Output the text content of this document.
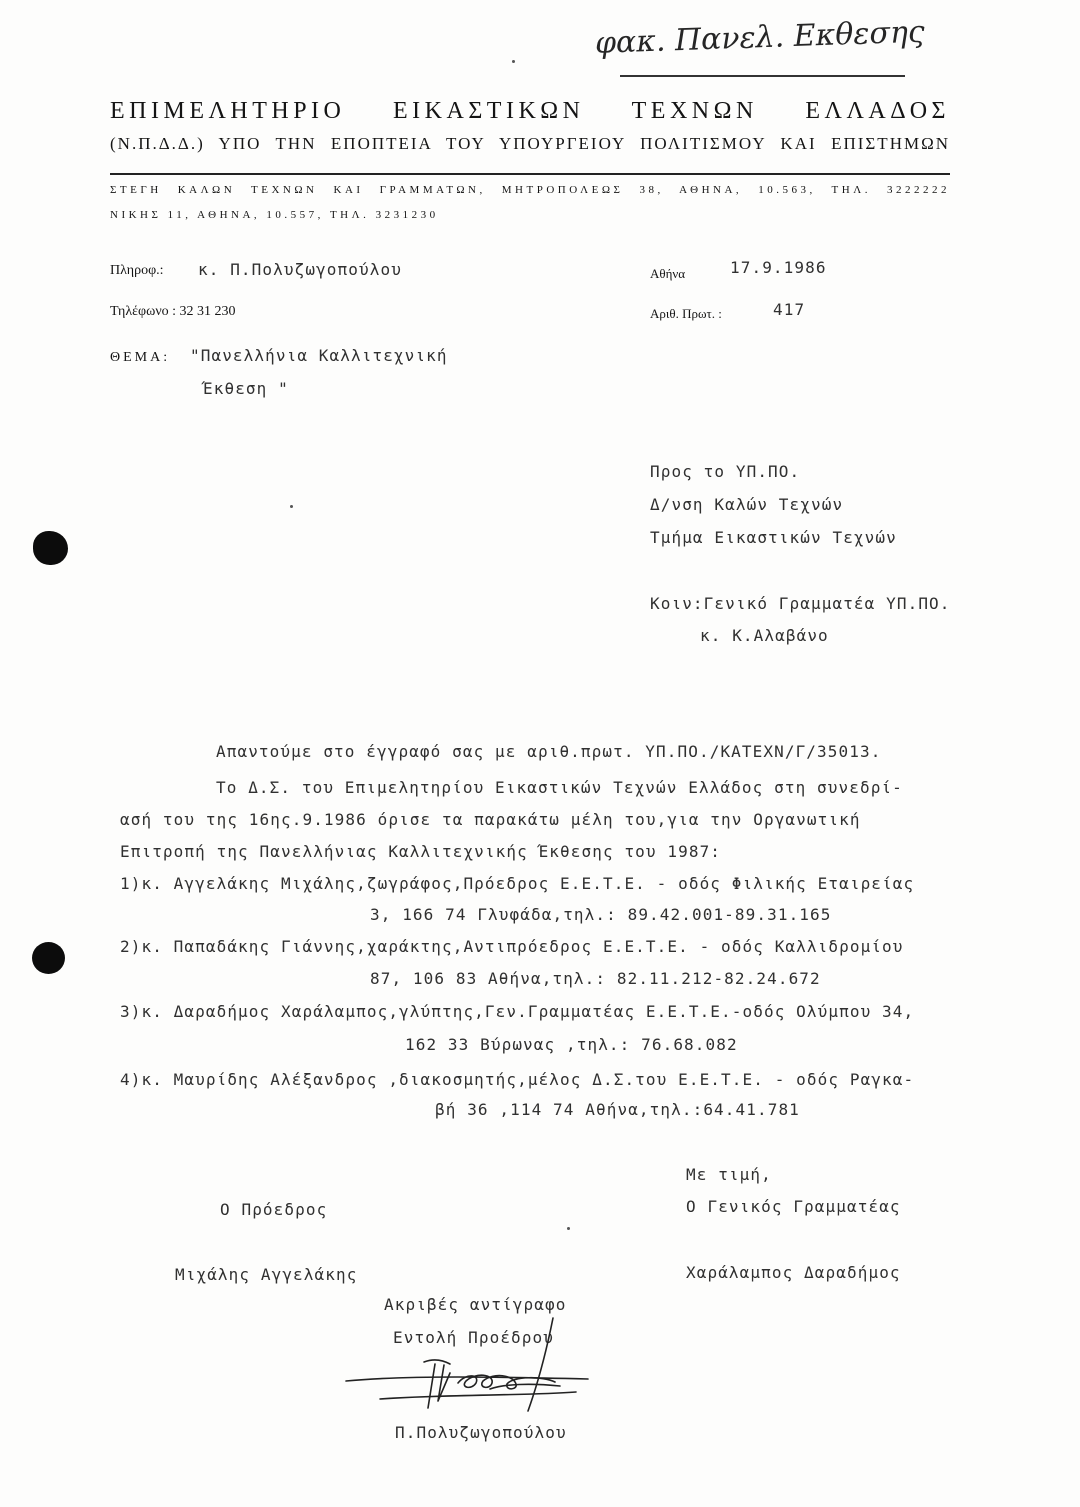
φακ. Πανελ. Εκθεσης
ΕΠΙΜΕΛΗΤΗΡΙΟ ΕΙΚΑΣΤΙΚΩΝ ΤΕΧΝΩΝ ΕΛΛΑΔΟΣ
(Ν.Π.Δ.Δ.) ΥΠΟ ΤΗΝ ΕΠΟΠΤΕΙΑ ΤΟΥ ΥΠΟΥΡΓΕΙΟΥ ΠΟΛΙΤΙΣΜΟΥ ΚΑΙ ΕΠΙΣΤΗΜΩΝ
ΣΤΕΓΗ ΚΑΛΩΝ ΤΕΧΝΩΝ ΚΑΙ ΓΡΑΜΜΑΤΩΝ, ΜΗΤΡΟΠΟΛΕΩΣ 38, ΑΘΗΝΑ, 10.563, ΤΗΛ. 3222222
ΝΙΚΗΣ 11, ΑΘΗΝΑ, 10.557, ΤΗΛ. 3231230
Πληροφ.: κ. Π.Πολυζωγοπούλου	Αθήνα	17.9.1986
Τηλέφωνο : 32 31 230	Αριθ. Πρωτ. :	417
ΘΕΜΑ: "Πανελλήνια Καλλιτεχνική
Έκθεση "
Προς το ΥΠ.ΠΟ.
Δ/νση Καλών Τεχνών
Τμήμα Εικαστικών Τεχνών
Κοιν:Γενικό Γραμματέα ΥΠ.ΠΟ.
κ. Κ.Αλαβάνο
Απαντούμε στο έγγραφό σας με αριθ.πρωτ. ΥΠ.ΠΟ./ΚΑΤΕΧΝ/Γ/35013.
Το Δ.Σ. του Επιμελητηρίου Εικαστικών Τεχνών Ελλάδος στη συνεδρί-
ασή του της 16ης.9.1986 όρισε τα παρακάτω μέλη του,για την Οργανωτική
Επιτροπή της Πανελλήνιας Καλλιτεχνικής Έκθεσης του 1987:
1)κ. Αγγελάκης Μιχάλης,ζωγράφος,Πρόεδρος Ε.Ε.Τ.Ε. - οδός Φιλικής Εταιρείας
3, 166 74 Γλυφάδα,τηλ.: 89.42.001-89.31.165
2)κ. Παπαδάκης Γιάννης,χαράκτης,Αντιπρόεδρος Ε.Ε.Τ.Ε. - οδός Καλλιδρομίου
87, 106 83 Αθήνα,τηλ.: 82.11.212-82.24.672
3)κ. Δαραδήμος Χαράλαμπος,γλύπτης,Γεν.Γραμματέας Ε.Ε.Τ.Ε.-οδός Ολύμπου 34,
162 33 Βύρωνας ,τηλ.: 76.68.082
4)κ. Μαυρίδης Αλέξανδρος ,διακοσμητής,μέλος Δ.Σ.του Ε.Ε.Τ.Ε. - οδός Ραγκα-
βή 36 ,114 74 Αθήνα,τηλ.:64.41.781
Με τιμή,
Ο Πρόεδρος	Ο Γενικός Γραμματέας
Μιχάλης Αγγελάκης	Χαράλαμπος Δαραδήμος
Ακριβές αντίγραφο
Εντολή Προέδρου
Π.Πολυζωγοπούλου
